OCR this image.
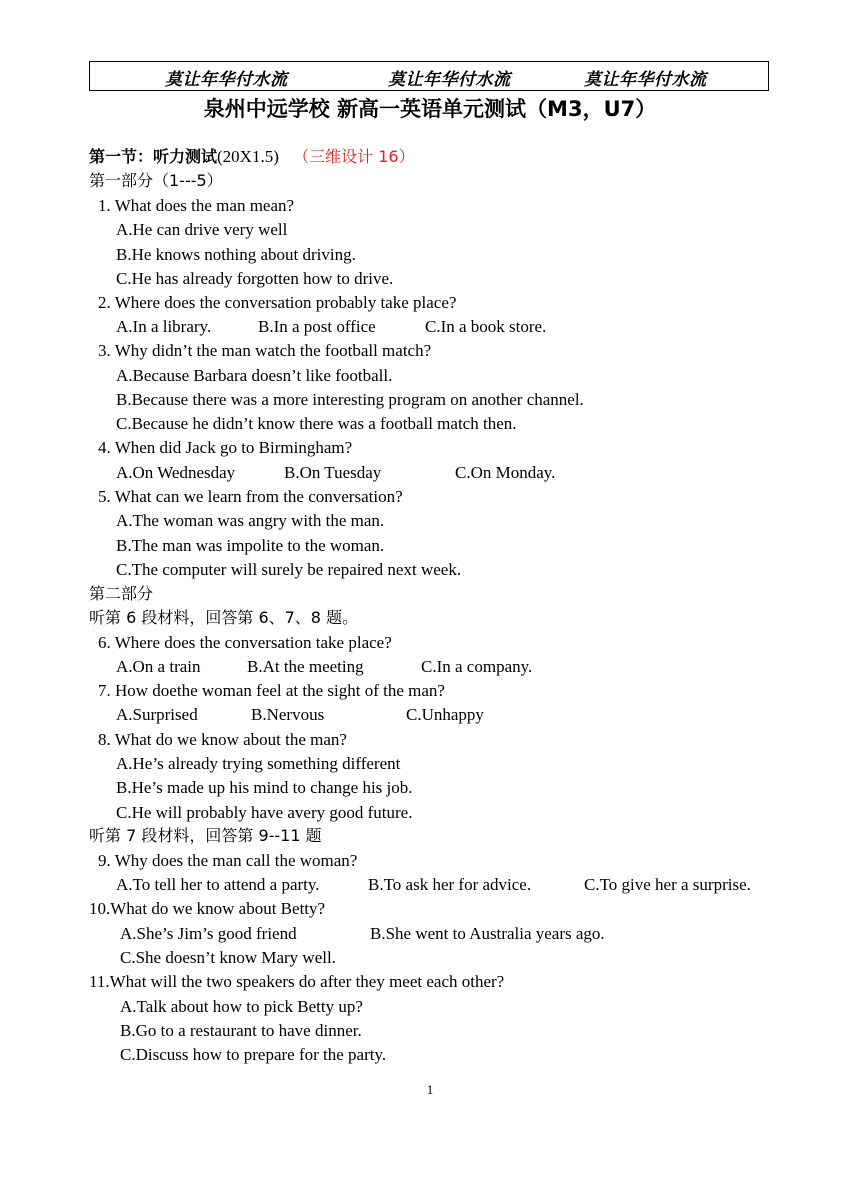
莫让年华付水流	莫让年华付水流	莫让年华付水流
泉州中远学校 新高一英语单元测试（M3，U7）
第一节：听力测试(20X1.5) （三维设计 16）
第一部分（1---5）
1. What does the man mean?
A.He can drive very well
B.He knows nothing about driving.
C.He has already forgotten how to drive.
2. Where does the conversation probably take place?
A.In a library.	B.In a post office	C.In a book store.
3. Why didn’t the man watch the football match?
A.Because Barbara doesn’t like football.
B.Because there was a more interesting program on another channel.
C.Because he didn’t know there was a football match then.
4. When did Jack go to Birmingham?
A.On Wednesday	B.On Tuesday	C.On Monday.
5. What can we learn from the conversation?
A.The woman was angry with the man.
B.The man was impolite to the woman.
C.The computer will surely be repaired next week.
第二部分
听第 6 段材料，回答第 6、7、8 题。
6. Where does the conversation take place?
A.On a train	B.At the meeting	C.In a company.
7. How doethe woman feel at the sight of the man?
A.Surprised	B.Nervous	C.Unhappy
8. What do we know about the man?
A.He’s already trying something different
B.He’s made up his mind to change his job.
C.He will probably have avery good future.
听第 7 段材料，回答第 9--11 题
9. Why does the man call the woman?
A.To tell her to attend a party.	B.To ask her for advice.	C.To give her a surprise.
10.What do we know about Betty?
A.She’s Jim’s good friend	B.She went to Australia years ago.
C.She doesn’t know Mary well.
11.What will the two speakers do after they meet each other?
A.Talk about how to pick Betty up?
B.Go to a restaurant to have dinner.
C.Discuss how to prepare for the party.
1
